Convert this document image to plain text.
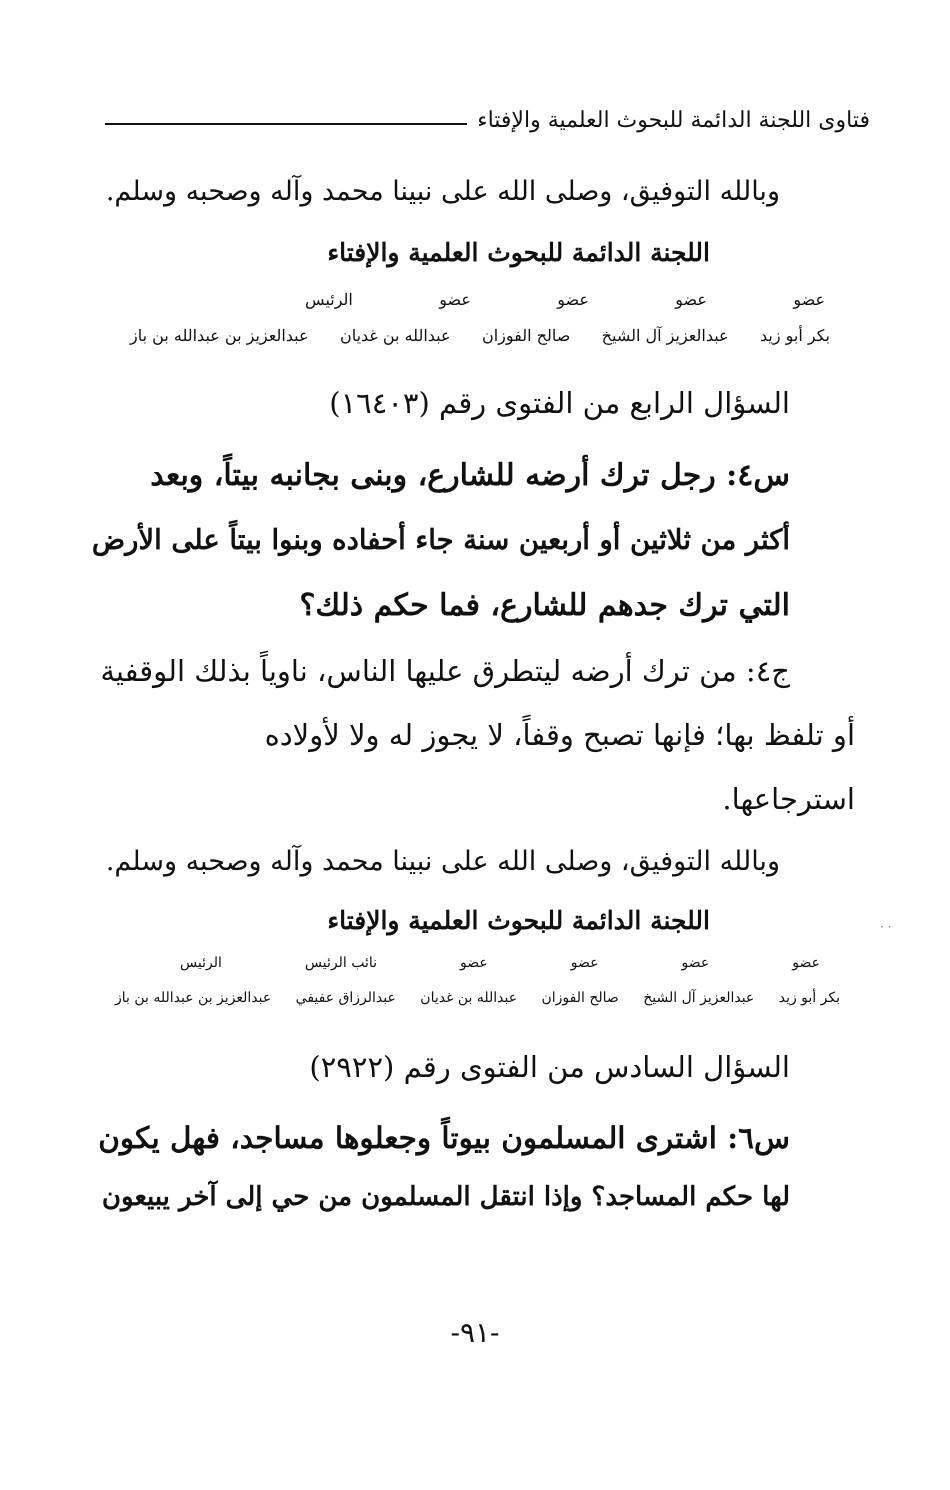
فتاوى اللجنة الدائمة للبحوث العلمية والإفتاء
وبالله التوفيق، وصلى الله على نبينا محمد وآله وصحبه وسلم.
اللجنة الدائمة للبحوث العلمية والإفتاء
عضو
عضو
عضو
عضو
الرئيس
بكر أبو زيد
عبدالعزيز آل الشيخ
صالح الفوزان
عبدالله بن غديان
عبدالعزيز بن عبدالله بن باز
السؤال الرابع من الفتوى رقم (١٦٤٠٣)
س٤: رجل ترك أرضه للشارع، وبنى بجانبه بيتاً، وبعد
أكثر من ثلاثين أو أربعين سنة جاء أحفاده وبنوا بيتاً على الأرض
التي ترك جدهم للشارع، فما حكم ذلك؟
ج٤: من ترك أرضه ليتطرق عليها الناس، ناوياً بذلك الوقفية
أو تلفظ بها؛ فإنها تصبح وقفاً، لا يجوز له ولا لأولاده
استرجاعها.
وبالله التوفيق، وصلى الله على نبينا محمد وآله وصحبه وسلم.
اللجنة الدائمة للبحوث العلمية والإفتاء
عضو
عضو
عضو
عضو
نائب الرئيس
الرئيس
بكر أبو زيد
عبدالعزيز آل الشيخ
صالح الفوزان
عبدالله بن غديان
عبدالرزاق عفيفي
عبدالعزيز بن عبدالله بن باز
السؤال السادس من الفتوى رقم (٢٩٢٢)
س٦: اشترى المسلمون بيوتاً وجعلوها مساجد، فهل يكون
لها حكم المساجد؟ وإذا انتقل المسلمون من حي إلى آخر يبيعون
-٩١-
· ·
